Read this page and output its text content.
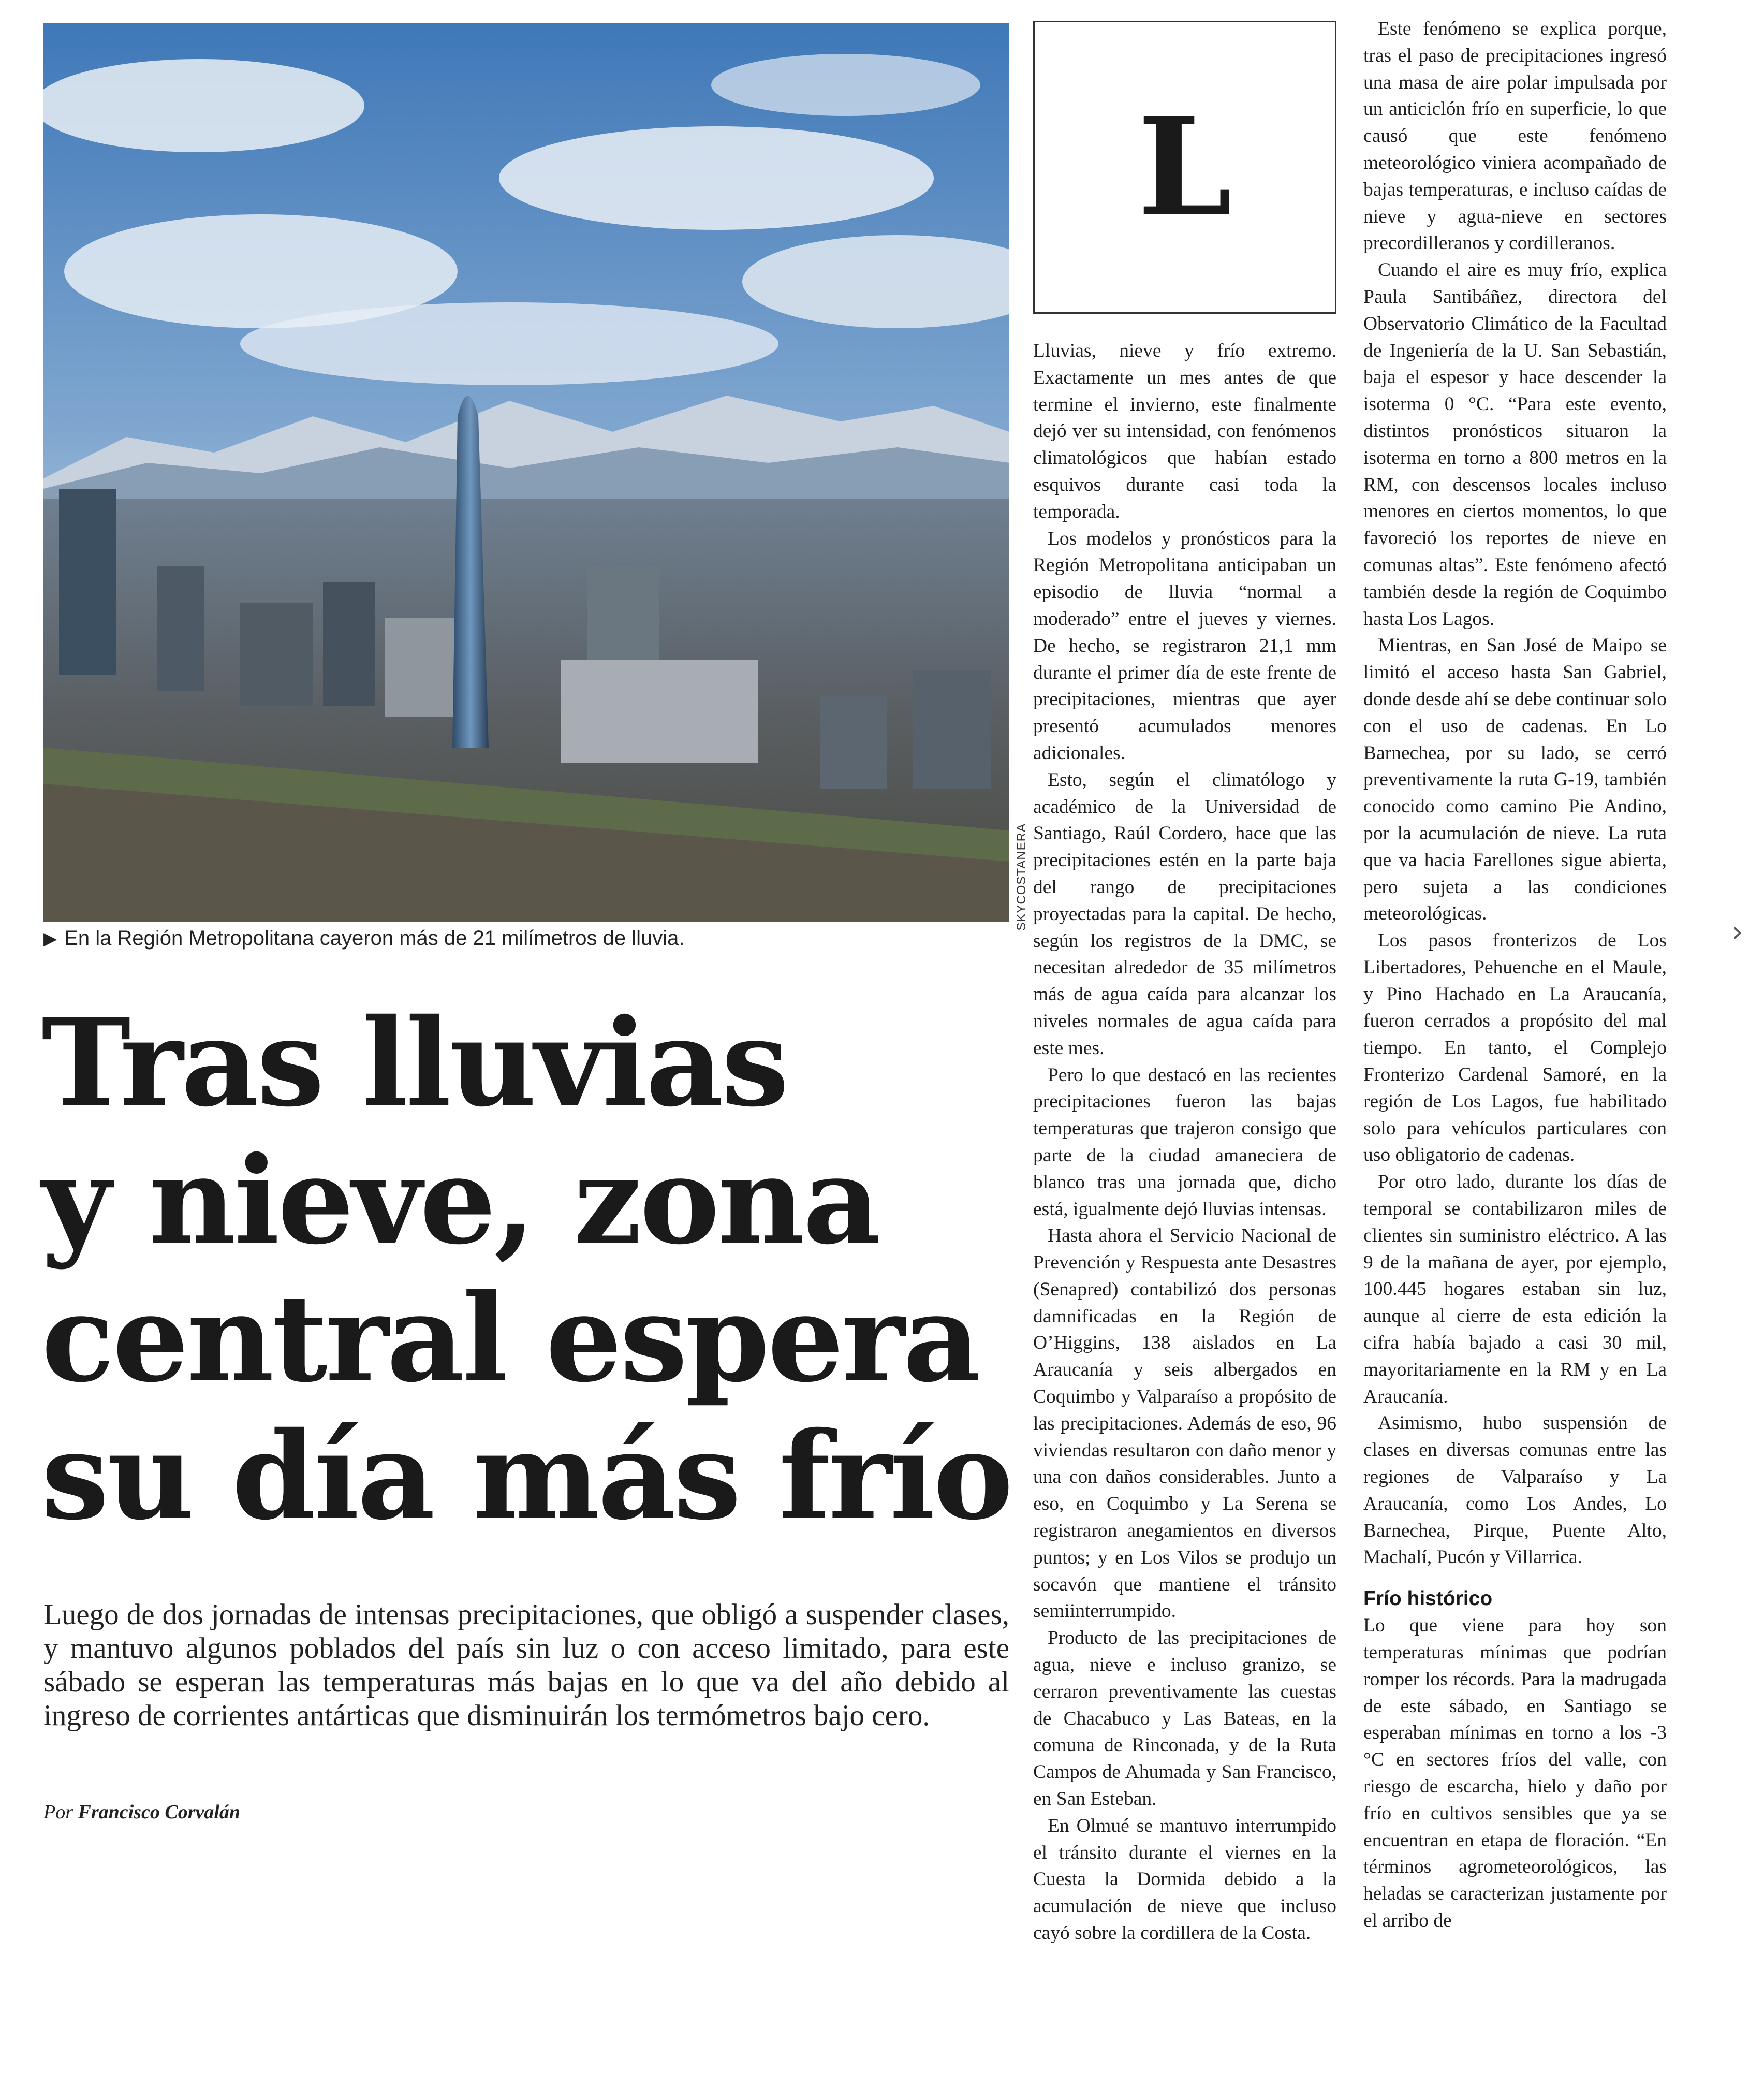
SKYCOSTANERA
▶ En la Región Metropolitana cayeron más de 21 milímetros de lluvia.
Tras lluvias
y nieve, zona
central espera
su día más frío

Luego de dos jornadas de intensas precipitaciones, que obligó a suspender clases, y mantuvo algunos poblados del país sin luz o con acceso limitado, para este sábado se esperan las temperaturas más bajas en lo que va del año debido al ingreso de corrientes antárticas que disminuirán los termómetros bajo cero.

Por Francisco Corvalán
L

Lluvias, nieve y frío extremo. Exactamente un mes antes de que termine el invierno, este finalmente dejó ver su intensidad, con fenómenos climatológicos que habían estado esquivos durante casi toda la temporada.

Los modelos y pronósticos para la Región Metropolitana anticipaban un episodio de lluvia “normal a moderado” entre el jueves y viernes. De hecho, se registraron 21,1 mm durante el primer día de este frente de precipitaciones, mientras que ayer presentó acumulados menores adicionales.

Esto, según el climatólogo y académico de la Universidad de Santiago, Raúl Cordero, hace que las precipitaciones estén en la parte baja del rango de precipitaciones proyectadas para la capital. De hecho, según los registros de la DMC, se necesitan alrededor de 35 milímetros más de agua caída para alcanzar los niveles normales de agua caída para este mes.

Pero lo que destacó en las recientes precipitaciones fueron las bajas temperaturas que trajeron consigo que parte de la ciudad amaneciera de blanco tras una jornada que, dicho está, igualmente dejó lluvias intensas.

Hasta ahora el Servicio Nacional de Prevención y Respuesta ante Desastres (Senapred) contabilizó dos personas damnificadas en la Región de O’Higgins, 138 aislados en La Araucanía y seis albergados en Coquimbo y Valparaíso a propósito de las precipitaciones. Además de eso, 96 viviendas resultaron con daño menor y una con daños considerables. Junto a eso, en Coquimbo y La Serena se registraron anegamientos en diversos puntos; y en Los Vilos se produjo un socavón que mantiene el tránsito semiinterrumpido.

Producto de las precipitaciones de agua, nieve e incluso granizo, se cerraron preventivamente las cuestas de Chacabuco y Las Bateas, en la comuna de Rinconada, y de la Ruta Campos de Ahumada y San Francisco, en San Esteban.

En Olmué se mantuvo interrumpido el tránsito durante el viernes en la Cuesta la Dormida debido a la acumulación de nieve que incluso cayó sobre la cordillera de la Costa.

Este fenómeno se explica porque, tras el paso de precipitaciones ingresó una masa de aire polar impulsada por un anticiclón frío en superficie, lo que causó que este fenómeno meteorológico viniera acompañado de bajas temperaturas, e incluso caídas de nieve y agua-nieve en sectores precordilleranos y cordilleranos.

Cuando el aire es muy frío, explica Paula Santibáñez, directora del Observatorio Climático de la Facultad de Ingeniería de la U. San Sebastián, baja el espesor y hace descender la isoterma 0 °C. “Para este evento, distintos pronósticos situaron la isoterma en torno a 800 metros en la RM, con descensos locales incluso menores en ciertos momentos, lo que favoreció los reportes de nieve en comunas altas”. Este fenómeno afectó también desde la región de Coquimbo hasta Los Lagos.

Mientras, en San José de Maipo se limitó el acceso hasta San Gabriel, donde desde ahí se debe continuar solo con el uso de cadenas. En Lo Barnechea, por su lado, se cerró preventivamente la ruta G-19, también conocido como camino Pie Andino, por la acumulación de nieve. La ruta que va hacia Farellones sigue abierta, pero sujeta a las condiciones meteorológicas.

Los pasos fronterizos de Los Libertadores, Pehuenche en el Maule, y Pino Hachado en La Araucanía, fueron cerrados a propósito del mal tiempo. En tanto, el Complejo Fronterizo Cardenal Samoré, en la región de Los Lagos, fue habilitado solo para vehículos particulares con uso obligatorio de cadenas.

Por otro lado, durante los días de temporal se contabilizaron miles de clientes sin suministro eléctrico. A las 9 de la mañana de ayer, por ejemplo, 100.445 hogares estaban sin luz, aunque al cierre de esta edición la cifra había bajado a casi 30 mil, mayoritariamente en la RM y en La Araucanía.

Asimismo, hubo suspensión de clases en diversas comunas entre las regiones de Valparaíso y La Araucanía, como Los Andes, Lo Barnechea, Pirque, Puente Alto, Machalí, Pucón y Villarrica.

Frío histórico

Lo que viene para hoy son temperaturas mínimas que podrían romper los récords. Para la madrugada de este sábado, en Santiago se esperaban mínimas en torno a los -3 °C en sectores fríos del valle, con riesgo de escarcha, hielo y daño por frío en cultivos sensibles que ya se encuentran en etapa de floración. “En términos agrometeorológicos, las heladas se caracterizan justamente por el arribo de

›
